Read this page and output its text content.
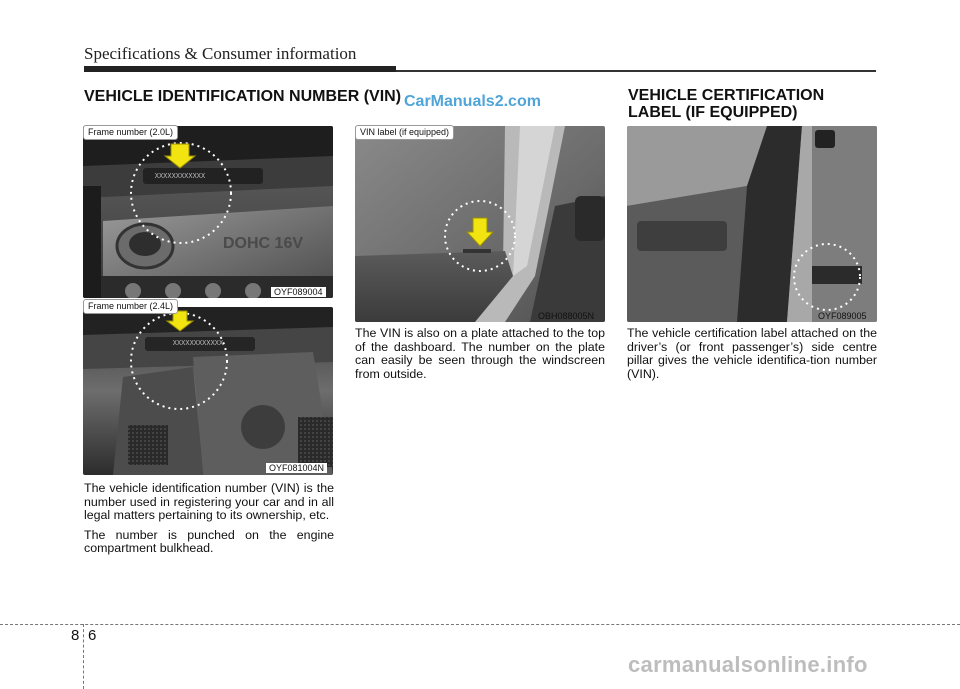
Specifications & Consumer information
VEHICLE IDENTIFICATION NUMBER (VIN)	VEHICLE CERTIFICATION
LABEL (IF EQUIPPED)
CarManuals2.com
DOHC 16V
XXXXXXXXXXXX
Frame number (2.0L)
OYF089004
XXXXXXXXXXXX
Frame number (2.4L)
OYF081004N

The vehicle identification number (VIN) is the number used in registering your car and in all legal matters pertaining to its ownership, etc.

The number is punched on the engine compartment bulkhead.

VIN label (if equipped)
OBH088005N

The VIN is also on a plate attached to the top of the dashboard. The number on the plate can easily be seen through the windscreen from outside.

OYF089005

The vehicle certification label attached on the driver’s (or front passenger’s) side centre pillar gives the vehicle identifica-tion number (VIN).

8 6
carmanualsonline.info
